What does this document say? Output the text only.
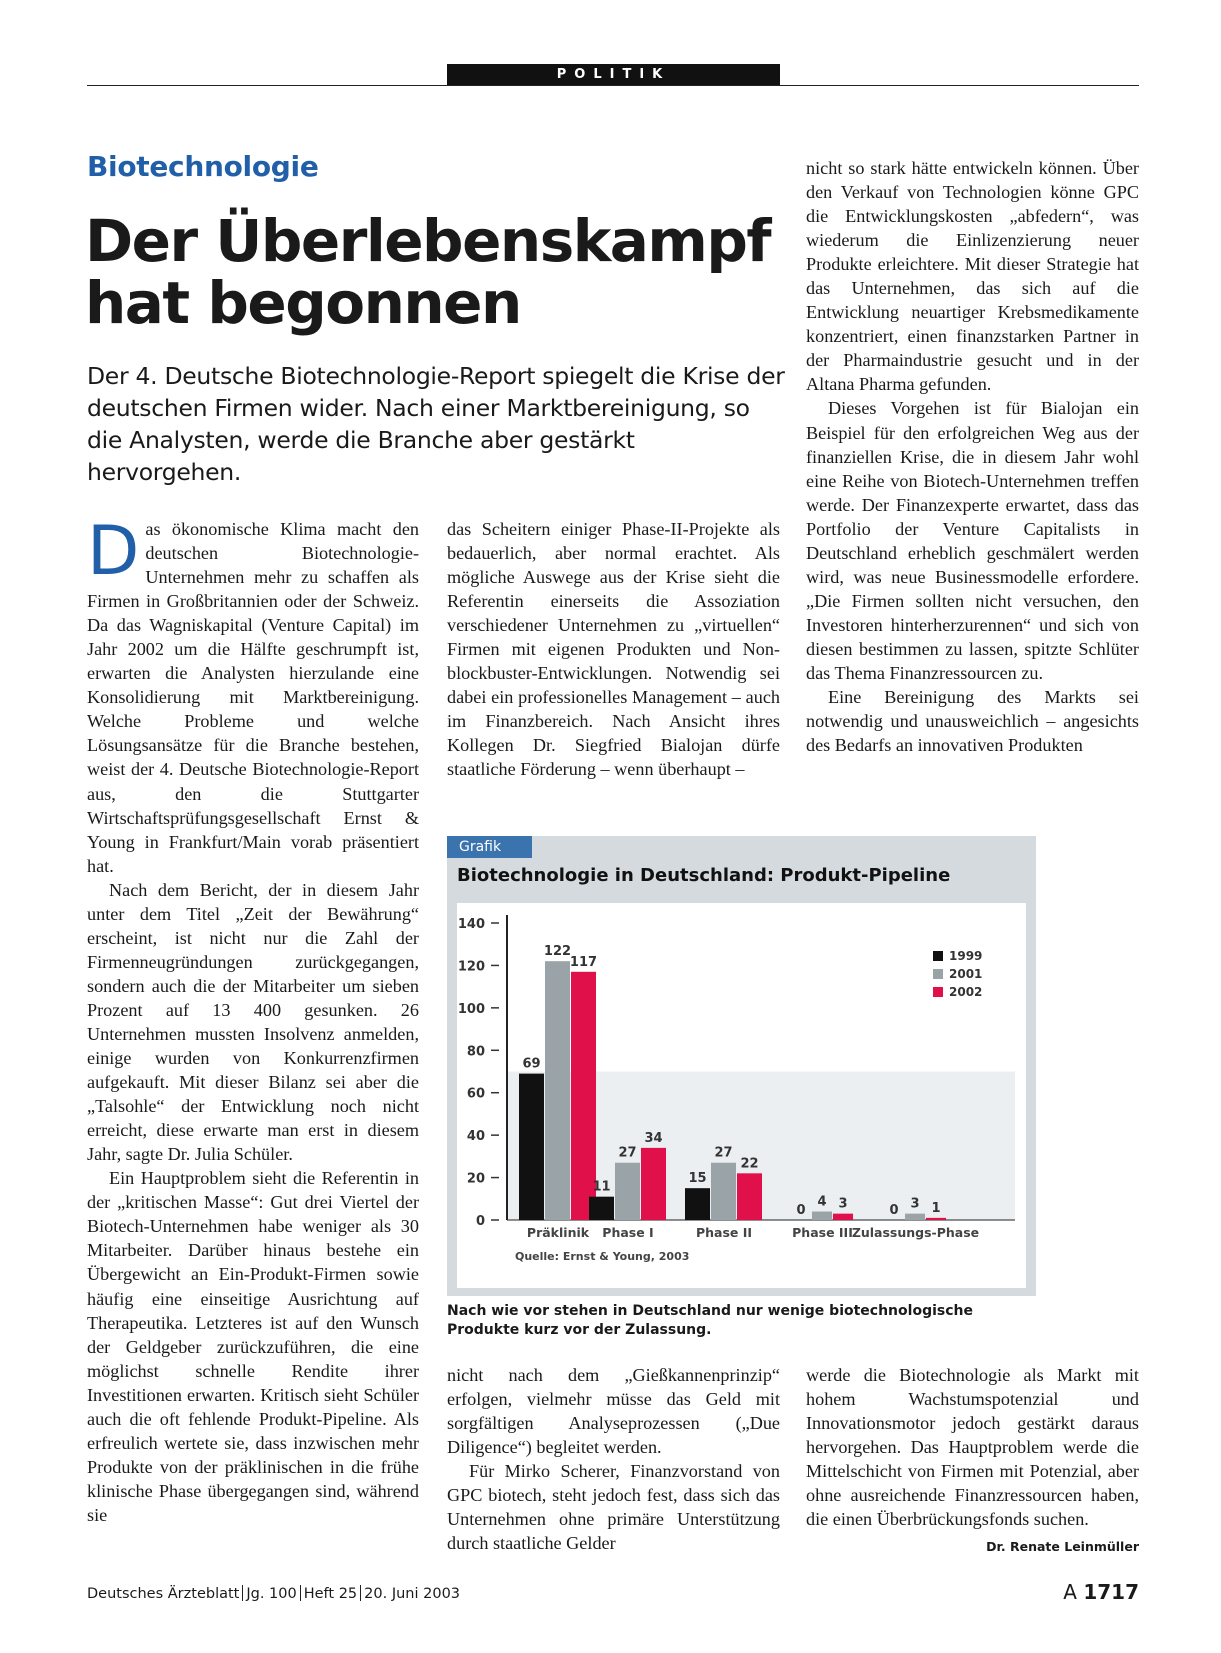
POLITIK
Biotechnologie
Der Überlebenskampf
hat begonnen
Der 4. Deutsche Biotechnologie-Report spiegelt die Krise der deutschen Firmen wider. Nach einer Marktbereinigung, so die Analysten, werde die Branche aber gestärkt hervorgehen.

Das ökonomische Klima macht den deutschen Biotechnologie-Unternehmen mehr zu schaffen als Firmen in Großbritannien oder der Schweiz. Da das Wagniskapital (Venture Capital) im Jahr 2002 um die Hälfte geschrumpft ist, erwarten die Analysten hierzulande eine Konsolidierung mit Marktbereinigung. Welche Probleme und welche Lösungsansätze für die Branche bestehen, weist der 4. Deutsche Biotechnologie-Report aus, den die Stuttgarter Wirtschaftsprüfungsgesellschaft Ernst & Young in Frankfurt/Main vorab präsentiert hat.

Nach dem Bericht, der in diesem Jahr unter dem Titel „Zeit der Bewährung“ erscheint, ist nicht nur die Zahl der Firmenneugründungen zurückgegangen, sondern auch die der Mitarbeiter um sieben Prozent auf 13 400 gesunken. 26 Unternehmen mussten Insolvenz anmelden, einige wurden von Konkurrenzfirmen aufgekauft. Mit dieser Bilanz sei aber die „Talsohle“ der Entwicklung noch nicht erreicht, diese erwarte man erst in diesem Jahr, sagte Dr. Julia Schüler.

Ein Hauptproblem sieht die Referentin in der „kritischen Masse“: Gut drei Viertel der Biotech-Unternehmen habe weniger als 30 Mitarbeiter. Darüber hinaus bestehe ein Übergewicht an Ein-Produkt-Firmen sowie häufig eine einseitige Ausrichtung auf Therapeutika. Letzteres ist auf den Wunsch der Geldgeber zurückzuführen, die eine möglichst schnelle Rendite ihrer Investitionen erwarten. Kritisch sieht Schüler auch die oft fehlende Produkt-Pipeline. Als erfreulich wertete sie, dass inzwischen mehr Produkte von der präklinischen in die frühe klinische Phase übergegangen sind, während sie

das Scheitern einiger Phase-II-Projekte als bedauerlich, aber normal erachtet. Als mögliche Auswege aus der Krise sieht die Referentin einerseits die Assoziation verschiedener Unternehmen zu „virtuellen“ Firmen mit eigenen Produkten und Non-blockbuster-Entwicklungen. Notwendig sei dabei ein professionelles Management – auch im Finanzbereich. Nach Ansicht ihres Kollegen Dr. Siegfried Bialojan dürfe staatliche Förderung – wenn überhaupt –

nicht so stark hätte entwickeln können. Über den Verkauf von Technologien könne GPC die Entwicklungskosten „abfedern“, was wiederum die Einlizenzierung neuer Produkte erleichtere. Mit dieser Strategie hat das Unternehmen, das sich auf die Entwicklung neuartiger Krebsmedikamente konzentriert, einen finanzstarken Partner in der Pharmaindustrie gesucht und in der Altana Pharma gefunden.

Dieses Vorgehen ist für Bialojan ein Beispiel für den erfolgreichen Weg aus der finanziellen Krise, die in diesem Jahr wohl eine Reihe von Biotech-Unternehmen treffen werde. Der Finanzexperte erwartet, dass das Portfolio der Venture Capitalists in Deutschland erheblich geschmälert werden wird, was neue Businessmodelle erfordere. „Die Firmen sollten nicht versuchen, den Investoren hinterherzurennen“ und sich von diesen bestimmen zu lassen, spitzte Schlüter das Thema Finanzressourcen zu.

Eine Bereinigung des Markts sei notwendig und unausweichlich – angesichts des Bedarfs an innovativen Produkten

Grafik
Biotechnologie in Deutschland: Produkt-Pipeline
0
20
40
60
80
100
120
140
69
122
117
Präklinik
11
27
34
Phase I
15
27
22
Phase II
0
4 3
Phase III
0 3 1
Zulassungs-Phase
Quelle: Ernst & Young, 2003
1999
2001
2002
Nach wie vor stehen in Deutschland nur wenige biotechnologische Produkte kurz vor der Zulassung.

nicht nach dem „Gießkannenprinzip“ erfolgen, vielmehr müsse das Geld mit sorgfältigen Analyseprozessen („Due Diligence“) begleitet werden.

Für Mirko Scherer, Finanzvorstand von GPC biotech, steht jedoch fest, dass sich das Unternehmen ohne primäre Unterstützung durch staatliche Gelder

werde die Biotechnologie als Markt mit hohem Wachstumspotenzial und Innovationsmotor jedoch gestärkt daraus hervorgehen. Das Hauptproblem werde die Mittelschicht von Firmen mit Potenzial, aber ohne ausreichende Finanzressourcen haben, die einen Überbrückungsfonds suchen.
Dr. Renate Leinmüller

Deutsches Ärzteblatt Jg. 100 Heft 25 20. Juni 2003	A 1717
